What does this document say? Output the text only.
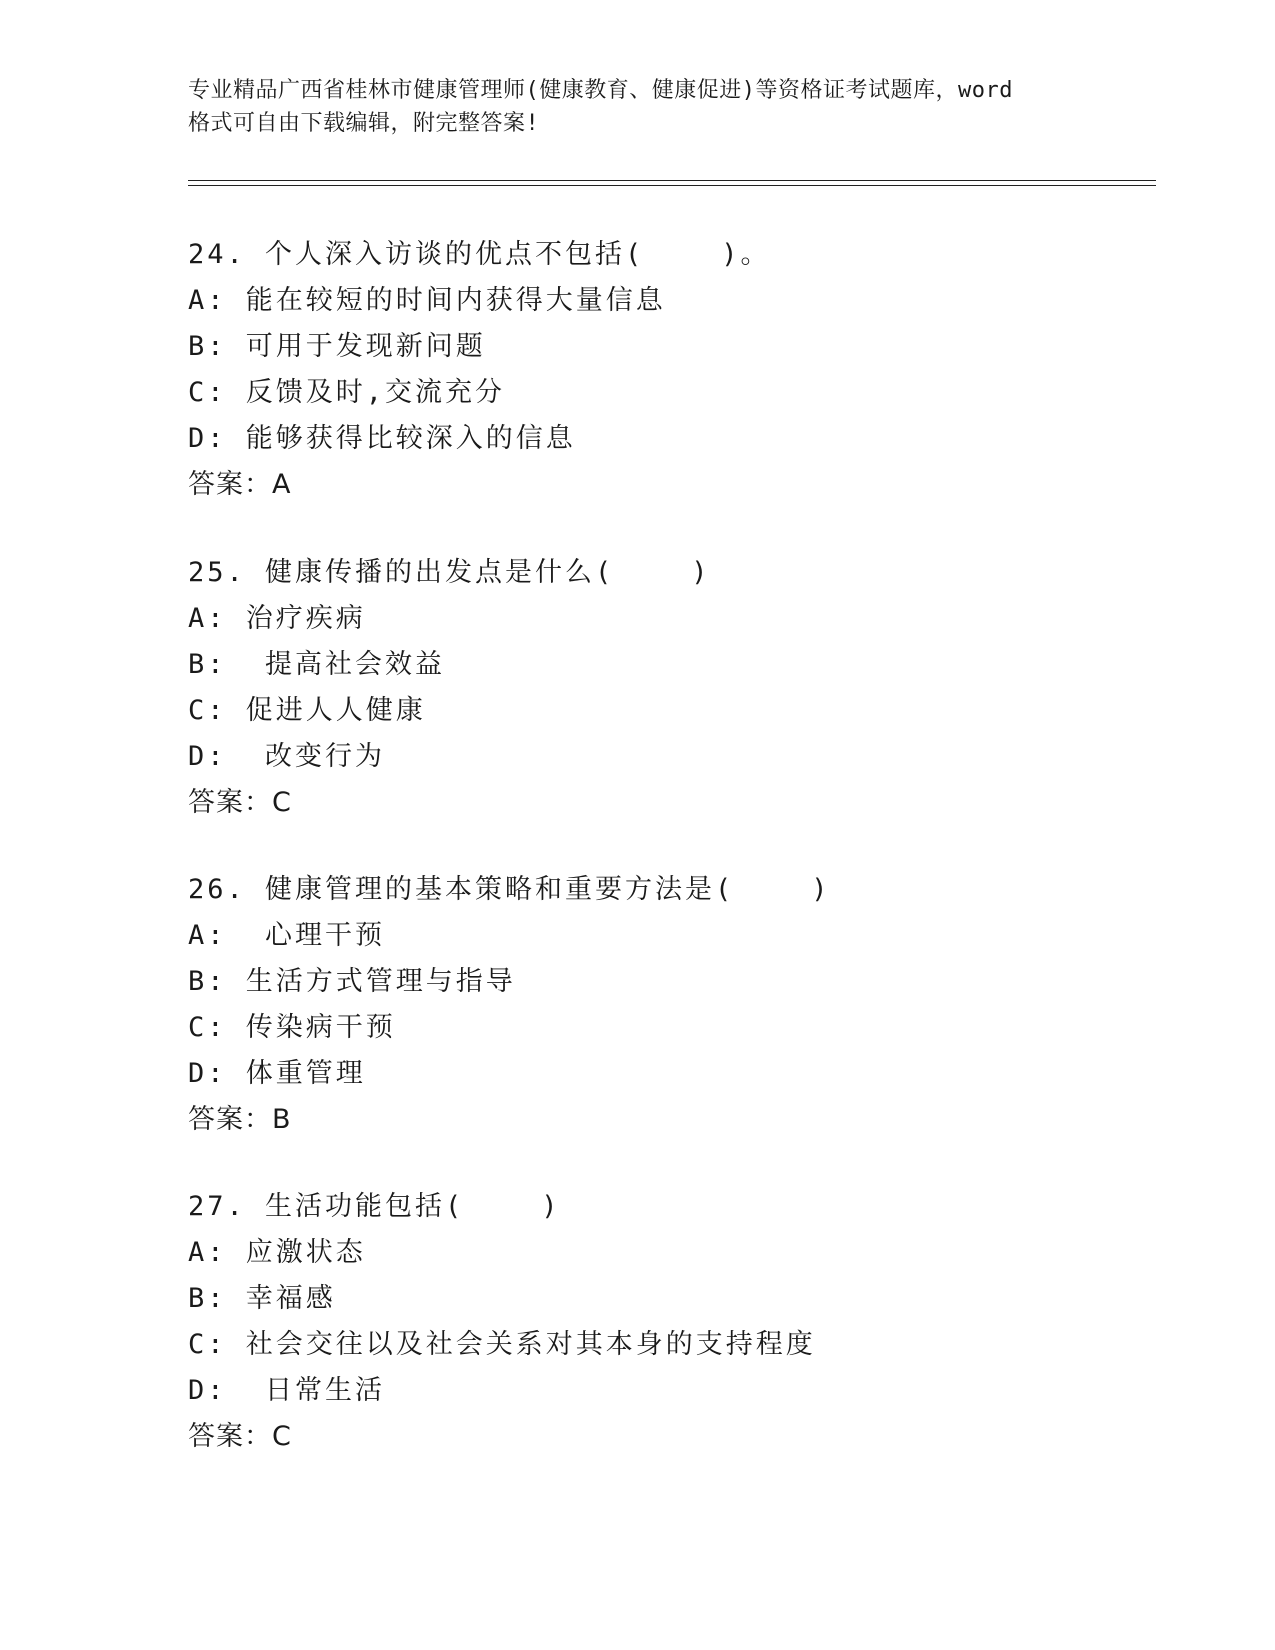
专业精品广西省桂林市健康管理师(健康教育、健康促进)等资格证考试题库，word
格式可自由下载编辑，附完整答案!
24. 个人深入访谈的优点不包括(    )。
A: 能在较短的时间内获得大量信息
B: 可用于发现新问题
C: 反馈及时,交流充分
D: 能够获得比较深入的信息
答案：A
25. 健康传播的出发点是什么(    )
A: 治疗疾病
B:  提高社会效益
C: 促进人人健康
D:  改变行为
答案：C
26. 健康管理的基本策略和重要方法是(    )
A:  心理干预
B: 生活方式管理与指导
C: 传染病干预
D: 体重管理
答案：B
27. 生活功能包括(    )
A: 应激状态
B: 幸福感
C: 社会交往以及社会关系对其本身的支持程度
D:  日常生活
答案：C
